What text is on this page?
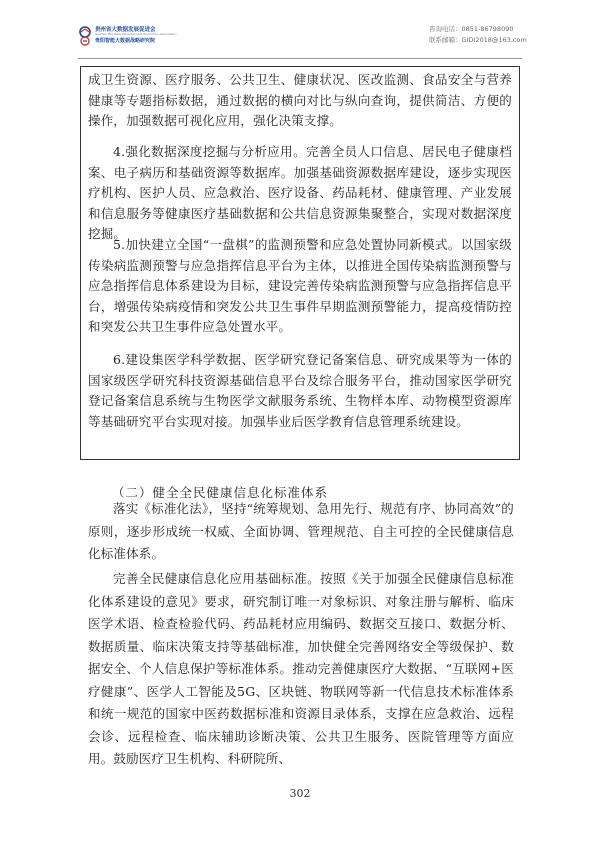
贵州省大数据发展促进会
Guizhou Big Data Development Promotion Association
贵阳智能大数据战略研究院
咨询电话：0851-86798090
联系邮箱：GIDI2018@163.com

成卫生资源、医疗服务、公共卫生、健康状况、医改监测、食品安全与营养健康等专题指标数据，通过数据的横向对比与纵向查询，提供简洁、方便的操作，加强数据可视化应用，强化决策支撑。

4.强化数据深度挖掘与分析应用。完善全员人口信息、居民电子健康档案、电子病历和基础资源等数据库。加强基础资源数据库建设，逐步实现医疗机构、医护人员、应急救治、医疗设备、药品耗材、健康管理、产业发展和信息服务等健康医疗基础数据和公共信息资源集聚整合，实现对数据深度挖掘。

5.加快建立全国“一盘棋”的监测预警和应急处置协同新模式。以国家级传染病监测预警与应急指挥信息平台为主体，以推进全国传染病监测预警与应急指挥信息体系建设为目标，建设完善传染病监测预警与应急指挥信息平台，增强传染病疫情和突发公共卫生事件早期监测预警能力，提高疫情防控和突发公共卫生事件应急处置水平。

6.建设集医学科学数据、医学研究登记备案信息、研究成果等为一体的国家级医学研究科技资源基础信息平台及综合服务平台，推动国家医学研究登记备案信息系统与生物医学文献服务系统、生物样本库、动物模型资源库等基础研究平台实现对接。加强毕业后医学教育信息管理系统建设。

（二）健全全民健康信息化标准体系

落实《标准化法》，坚持“统筹规划、急用先行、规范有序、协同高效”的原则，逐步形成统一权威、全面协调、管理规范、自主可控的全民健康信息化标准体系。

完善全民健康信息化应用基础标准。按照《关于加强全民健康信息标准化体系建设的意见》要求，研究制订唯一对象标识、对象注册与解析、临床医学术语、检查检验代码、药品耗材应用编码、数据交互接口、数据分析、数据质量、临床决策支持等基础标准，加快健全完善网络安全等级保护、数据安全、个人信息保护等标准体系。推动完善健康医疗大数据、“互联网+医疗健康”、医学人工智能及5G、区块链、物联网等新一代信息技术标准体系和统一规范的国家中医药数据标准和资源目录体系，支撑在应急救治、远程会诊、远程检查、临床辅助诊断决策、公共卫生服务、医院管理等方面应用。鼓励医疗卫生机构、科研院所、

302
